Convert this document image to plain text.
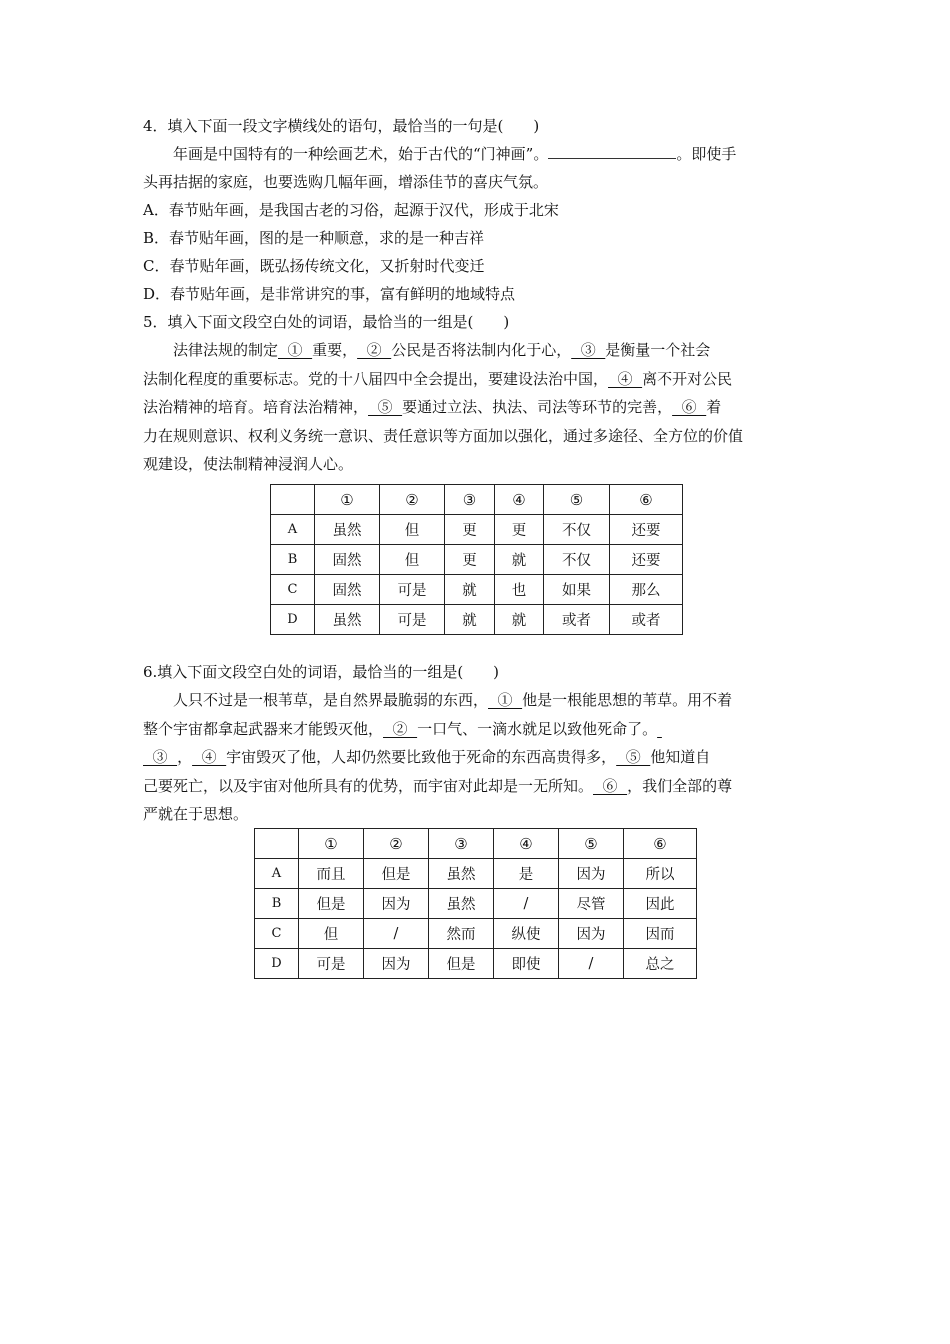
4．填入下面一段文字横线处的语句，最恰当的一句是(　　)
年画是中国特有的一种绘画艺术，始于古代的“门神画”。	。即使手
头再拮据的家庭，也要选购几幅年画，增添佳节的喜庆气氛。
A．春节贴年画，是我国古老的习俗，起源于汉代，形成于北宋
B．春节贴年画，图的是一种顺意，求的是一种吉祥
C．春节贴年画，既弘扬传统文化，又折射时代变迁
D．春节贴年画，是非常讲究的事，富有鲜明的地域特点
5．填入下面文段空白处的词语，最恰当的一组是(　　)
法律法规的制定  ①  重要，  ②  公民是否将法制内化于心，  ③  是衡量一个社会
法制化程度的重要标志。党的十八届四中全会提出，要建设法治中国，  ④  离不开对公民
法治精神的培育。培育法治精神，  ⑤  要通过立法、执法、司法等环节的完善，  ⑥  着
力在规则意识、权利义务统一意识、责任意识等方面加以强化，通过多途径、全方位的价值
观建设，使法制精神浸润人心。
	①	②	③	④	⑤	⑥
A	虽然	但	更	更	不仅	还要
B	固然	但	更	就	不仅	还要
C	固然	可是	就	也	如果	那么
D	虽然	可是	就	就	或者	或者
6.填入下面文段空白处的词语，最恰当的一组是(　　)
人只不过是一根苇草，是自然界最脆弱的东西，  ①  他是一根能思想的苇草。用不着
整个宇宙都拿起武器来才能毁灭他，  ②  一口气、一滴水就足以致他死命了。
③  ，  ④  宇宙毁灭了他，人却仍然要比致他于死命的东西高贵得多，  ⑤  他知道自
己要死亡，以及宇宙对他所具有的优势，而宇宙对此却是一无所知。  ⑥  ，我们全部的尊
严就在于思想。
	①	②	③	④	⑤	⑥
A	而且	但是	虽然	是	因为	所以
B	但是	因为	虽然	/	尽管	因此
C	但	/	然而	纵使	因为	因而
D	可是	因为	但是	即使	/	总之
